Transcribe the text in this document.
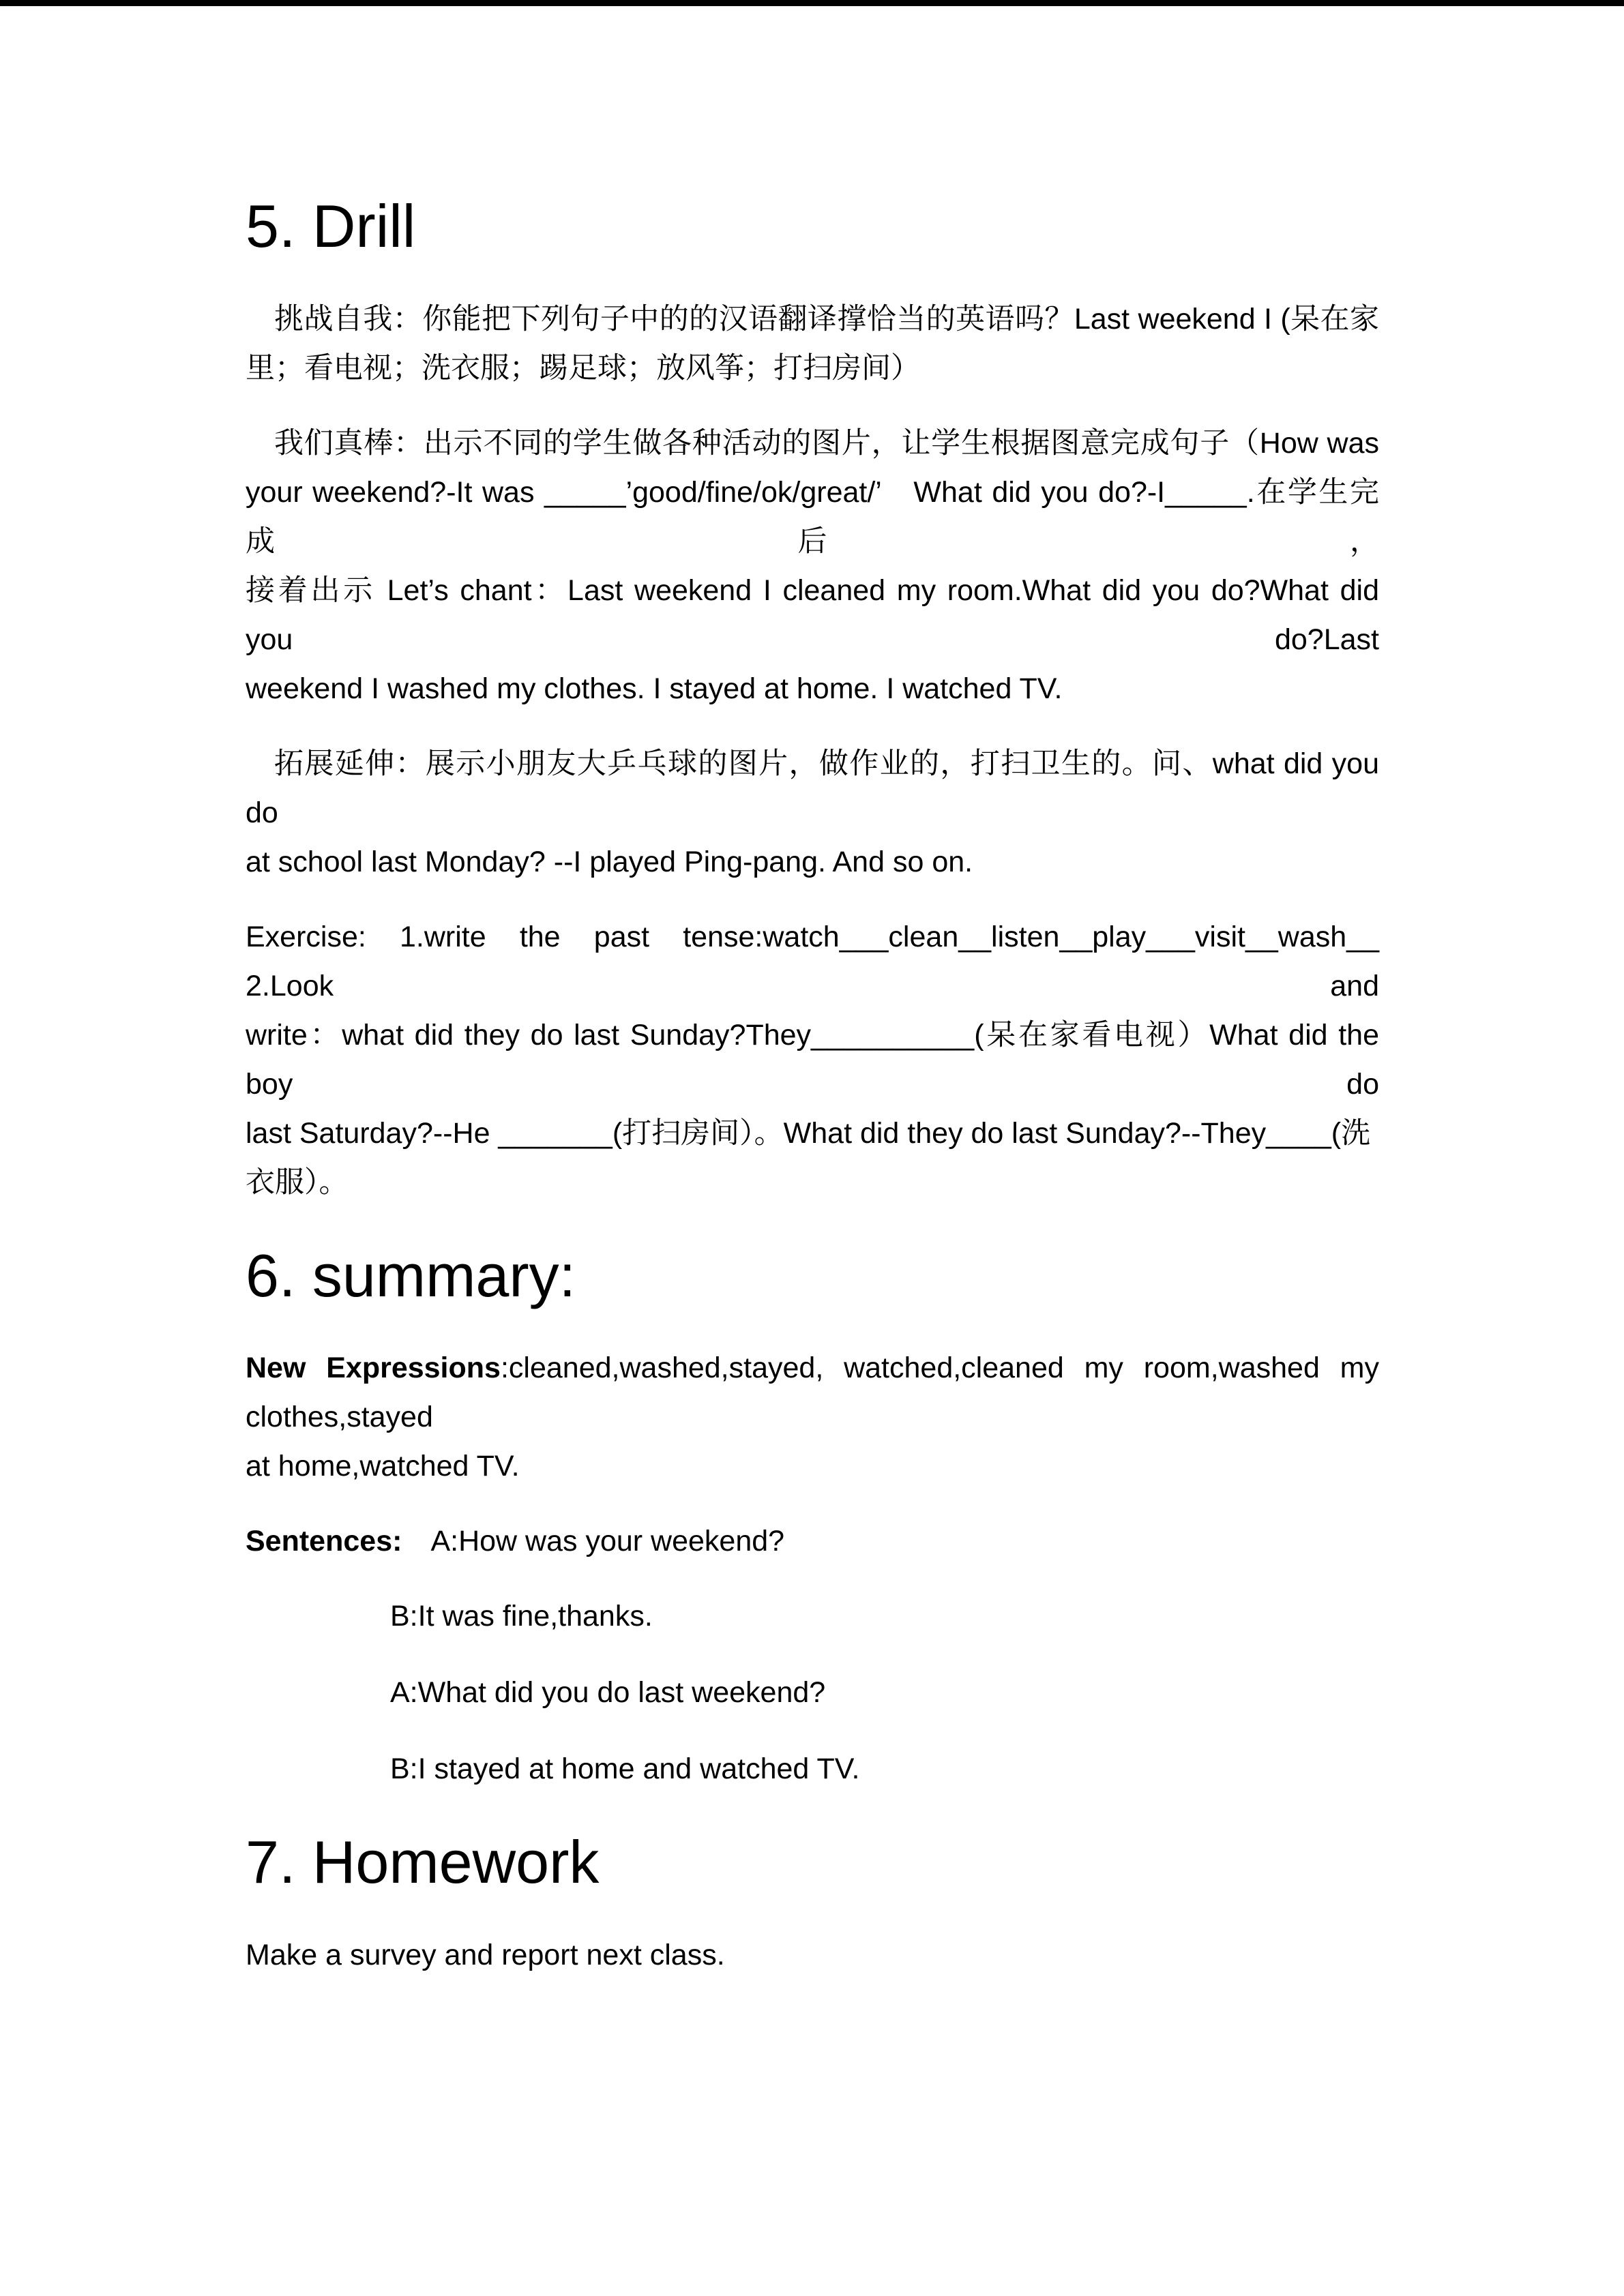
5. Drill
挑战自我：你能把下列句子中的的汉语翻译撑恰当的英语吗？Last weekend I (呆在家
里；看电视；洗衣服；踢足球；放风筝；打扫房间）
我们真棒：出示不同的学生做各种活动的图片，让学生根据图意完成句子（How was
your weekend?-It was _____’good/fine/ok/great/’　What did you do?-I_____.在学生完成后，
接着出示 Let’s chant：Last weekend I cleaned my room.What did you do?What did you do?Last
weekend I washed my clothes. I stayed at home. I watched TV.
拓展延伸：展示小朋友大乒乓球的图片，做作业的，打扫卫生的。问、what did you do
at school last Monday? --I played Ping-pang. And so on.
Exercise: 1.write the past tense:watch___clean__listen__play___visit__wash__　2.Look and
write：what did they do last Sunday?They__________(呆在家看电视）What did the boy do
last Saturday?--He _______(打扫房间）。What did they do last Sunday?--They____(洗衣服）。
6. summary:
New Expressions:cleaned,washed,stayed, watched,cleaned my room,washed my clothes,stayed
at home,watched TV.
Sentences: A:How was your weekend?
B:It was fine,thanks.
A:What did you do last weekend?
B:I stayed at home and watched TV.
7. Homework
Make a survey and report next class.
